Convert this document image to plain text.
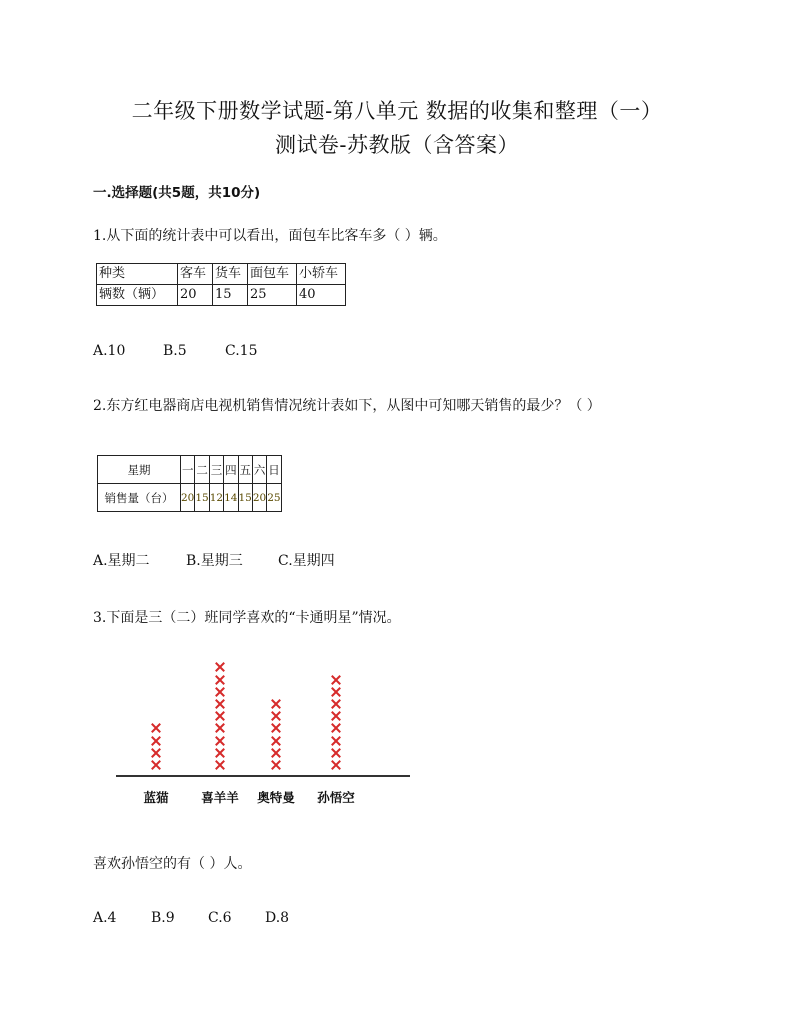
二年级下册数学试题-第八单元 数据的收集和整理（一）
测试卷-苏教版（含答案）
一.选择题(共5题，共10分)
1.从下面的统计表中可以看出，面包车比客车多（ ）辆。
种类	客车	货车	面包车	小轿车
辆数（辆）	20	15	25	40
A.10	B.5	C.15
2.东方红电器商店电视机销售情况统计表如下，从图中可知哪天销售的最少？（ ）
星期	一	二	三	四	五	六	日
销售量（台）	20	15	12	14	15	20	25
A.星期二	B.星期三	C.星期四
3.下面是三（二）班同学喜欢的“卡通明星”情况。
蓝猫	喜羊羊 奥特曼 孙悟空
喜欢孙悟空的有（ ）人。
A.4	B.9	C.6	D.8
